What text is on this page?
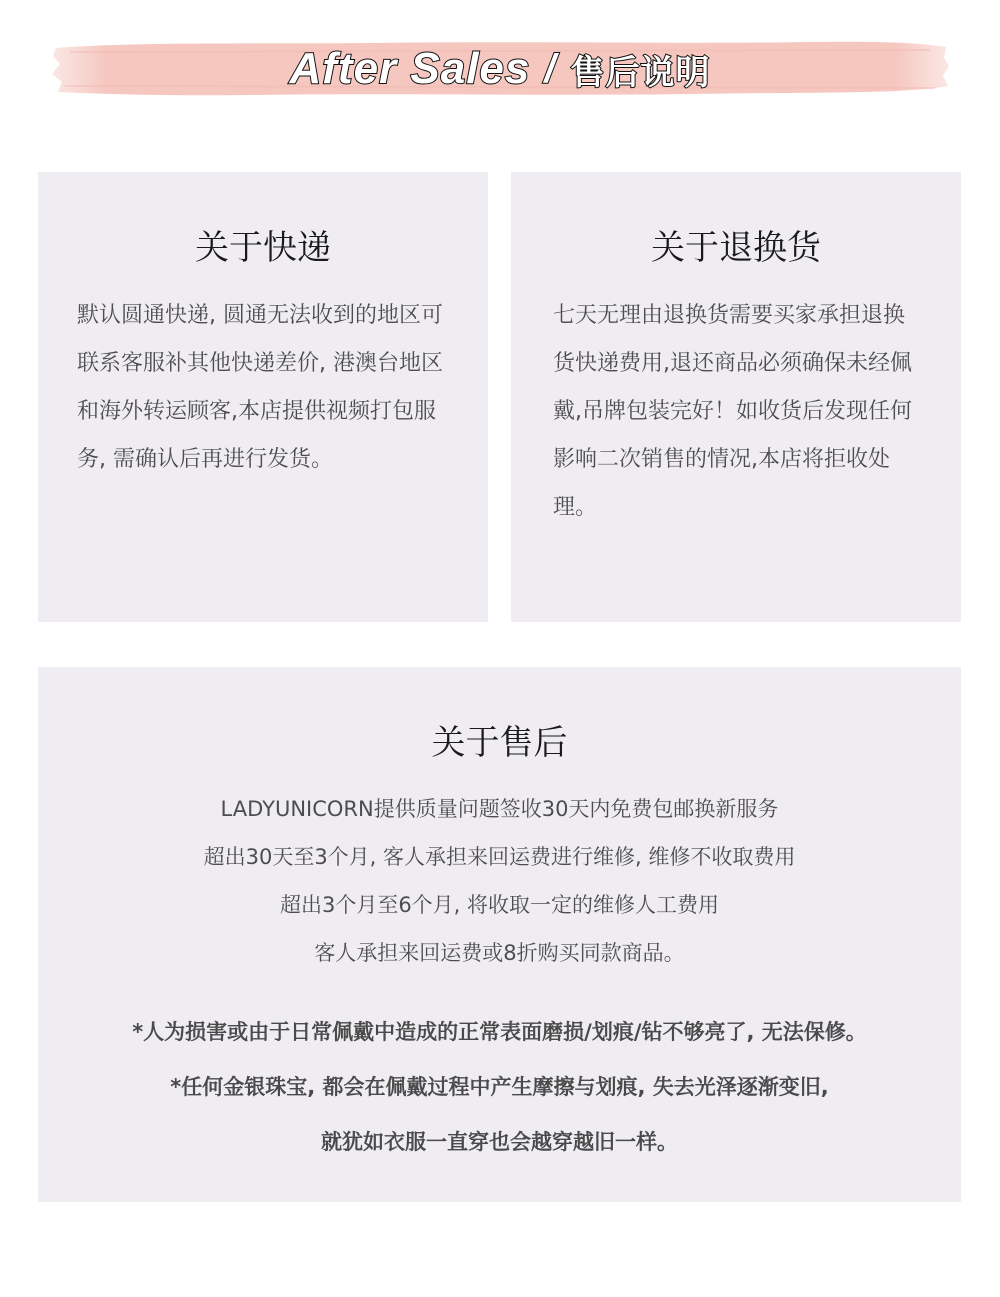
After Sales / 售后说明
关于快递
默认圆通快递, 圆通无法收到的地区可联系客服补其他快递差价, 港澳台地区和海外转运顾客,本店提供视频打包服务, 需确认后再进行发货。
关于退换货
七天无理由退换货需要买家承担退换货快递费用,退还商品必须确保未经佩戴,吊牌包装完好！如收货后发现任何影响二次销售的情况,本店将拒收处理。
关于售后
LADYUNICORN提供质量问题签收30天内免费包邮换新服务
超出30天至3个月, 客人承担来回运费进行维修, 维修不收取费用
超出3个月至6个月, 将收取一定的维修人工费用
客人承担来回运费或8折购买同款商品。
*人为损害或由于日常佩戴中造成的正常表面磨损/划痕/钻不够亮了, 无法保修。
*任何金银珠宝, 都会在佩戴过程中产生摩擦与划痕, 失去光泽逐渐变旧,
就犹如衣服一直穿也会越穿越旧一样。
